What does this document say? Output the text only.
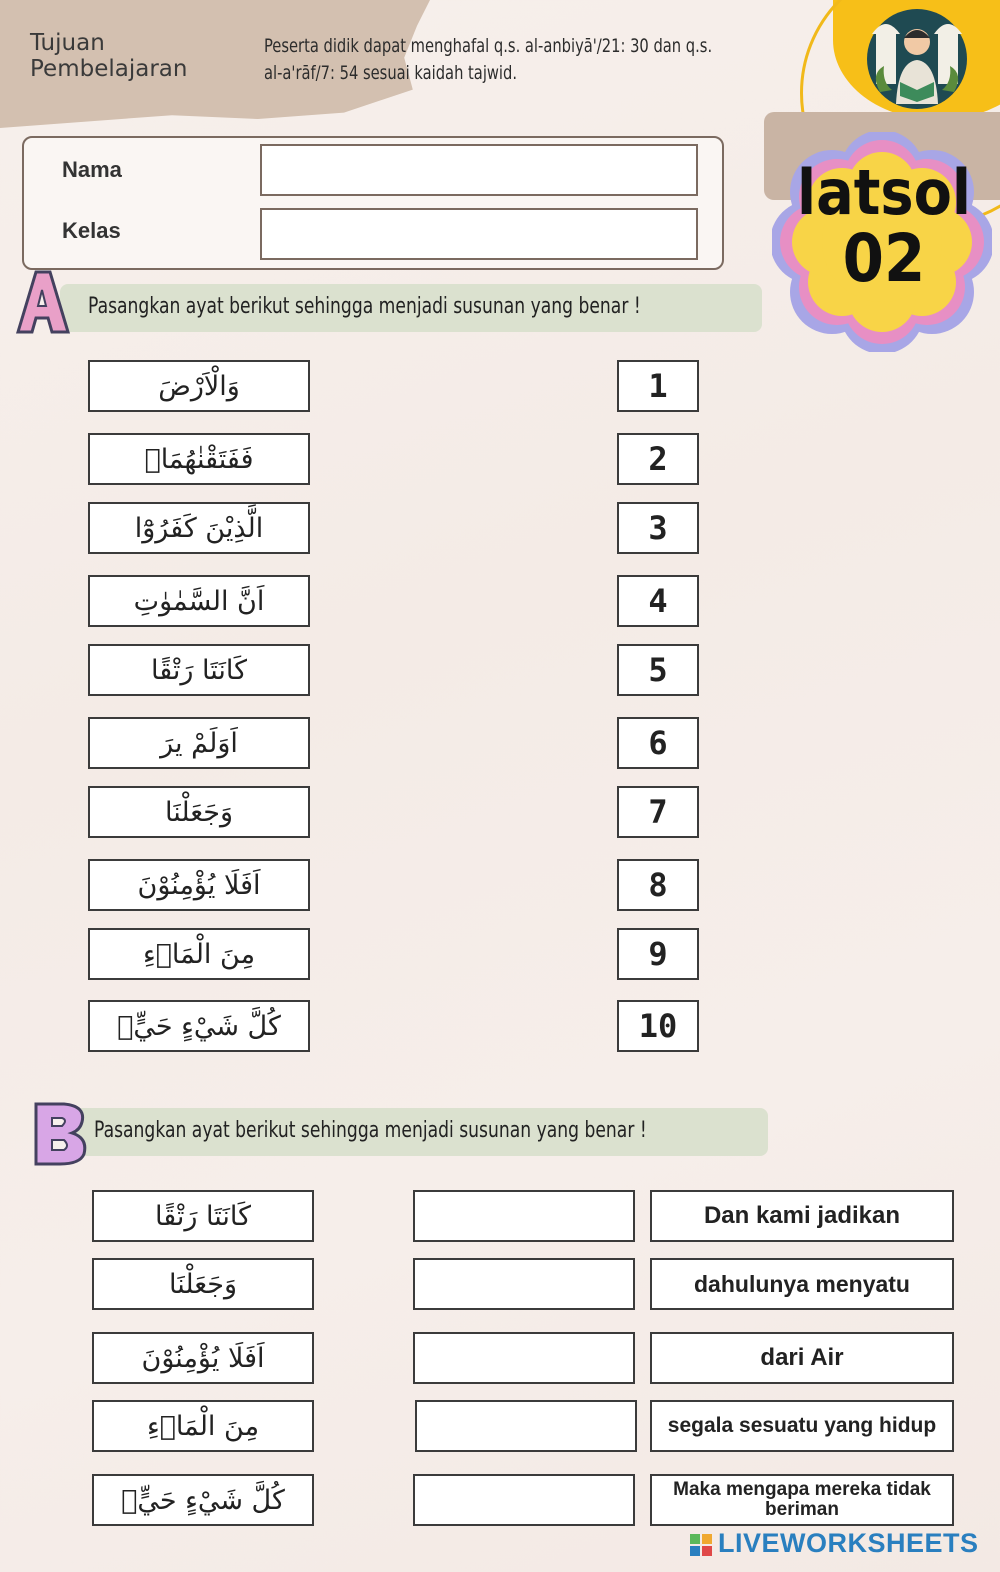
Tujuan
Pembelajaran
Peserta didik dapat menghafal q.s. al-anbiyā'/21: 30 dan q.s.
al-a'rāf/7: 54 sesuai kaidah tajwid.
latsol
02
Nama
Kelas
Pasangkan ayat berikut sehingga menjadi susunan yang benar !
وَالْاَرْضَ	1
فَفَتَقْنٰهُمَاۗ	2
الَّذِيْنَ كَفَرُوْٓا	3
اَنَّ السَّمٰوٰتِ	4
كَانَتَا رَتْقًا	5
اَوَلَمْ يرَ	6
وَجَعَلْنَا	7
اَفَلَا يُؤْمِنُوْنَ	8
مِنَ الْمَاۤءِ	9
كُلَّ شَيْءٍ حَيٍّۗ	10
Pasangkan ayat berikut sehingga menjadi susunan yang benar !
كَانَتَا رَتْقًا	Dan kami jadikan
وَجَعَلْنَا	dahulunya menyatu
اَفَلَا يُؤْمِنُوْنَ	dari Air
مِنَ الْمَاۤءِ	segala sesuatu yang hidup
كُلَّ شَيْءٍ حَيٍّۗ	Maka mengapa mereka tidak beriman
LIVEWORKSHEETS
